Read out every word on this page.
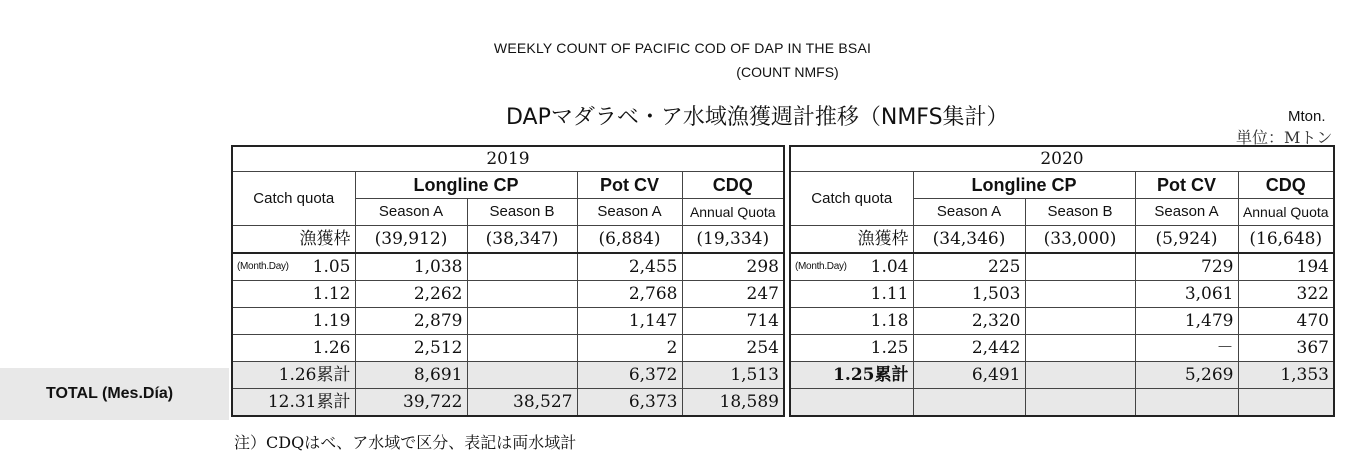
WEEKLY COUNT OF PACIFIC COD OF DAP IN THE BSAI
(COUNT NMFS)
DAPマダラベ・ア水域漁獲週計推移（NMFS集計）	Mton.
単位：Mトン
TOTAL (Mes.Día)
2019				
Catch quota	Longline CP		Pot CV	CDQ
	Season A	Season B	Season A	Annual Quota
漁獲枠	(39,912)	(38,347)	(6,884)	(19,334)

(Month.Day) 1.05	1,038		2,455	298
1.12	2,262		2,768	247
1.19	2,879		1,147	714
1.26	2,512		2	254
1.26累計	8,691		6,372	1,513
12.31累計	39,722	38,527	6,373	18,589
2020				
Catch quota	Longline CP		Pot CV	CDQ
	Season A	Season B	Season A	Annual Quota
漁獲枠	(34,346)	(33,000)	(5,924)	(16,648)

(Month.Day) 1.04	225		729	194
1.11	1,503		3,061	322
1.18	2,320		1,479	470
1.25	2,442		－	367
1.25累計	6,491		5,269	1,353

注）CDQはベ、ア水域で区分、表記は両水域計
